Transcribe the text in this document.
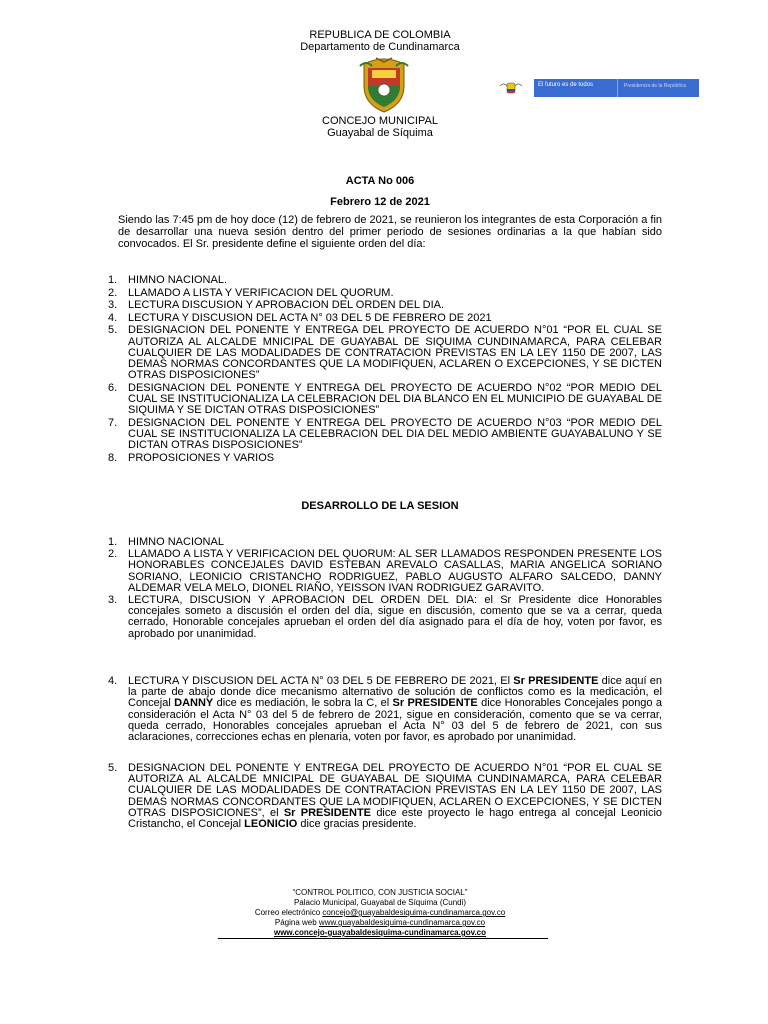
REPUBLICA DE COLOMBIA
Departamento de Cundinamarca
El futuro es de todos	Presidencia de la República
CONCEJO MUNICIPAL
Guayabal de Síquima
ACTA No 006
Febrero 12 de 2021
Siendo las 7:45 pm de hoy doce (12) de febrero de 2021, se reunieron los integrantes de esta Corporación a fin de desarrollar una nueva sesión dentro del primer periodo de sesiones ordinarias a la que habían sido convocados. El Sr. presidente define el siguiente orden del día:
1. HIMNO NACIONAL.
2. LLAMADO A LISTA Y VERIFICACION DEL QUORUM.
3. LECTURA DISCUSION Y APROBACION DEL ORDEN DEL DIA.
4. LECTURA Y DISCUSION DEL ACTA N° 03 DEL 5 DE FEBRERO DE 2021
5. DESIGNACION DEL PONENTE Y ENTREGA DEL PROYECTO DE ACUERDO N°01 “POR EL CUAL SE AUTORIZA AL ALCALDE MNICIPAL DE GUAYABAL DE SIQUIMA CUNDINAMARCA, PARA CELEBAR CUALQUIER DE LAS MODALIDADES DE CONTRATACION PREVISTAS EN LA LEY 1150 DE 2007, LAS DEMAS NORMAS CONCORDANTES QUE LA MODIFIQUEN, ACLAREN O EXCEPCIONES, Y SE DICTEN OTRAS DISPOSICIONES”
6. DESIGNACION DEL PONENTE Y ENTREGA DEL PROYECTO DE ACUERDO N°02 “POR MEDIO DEL CUAL SE INSTITUCIONALIZA LA CELEBRACION DEL DIA BLANCO EN EL MUNICIPIO DE GUAYABAL DE SIQUIMA Y SE DICTAN OTRAS DISPOSICIONES”
7. DESIGNACION DEL PONENTE Y ENTREGA DEL PROYECTO DE ACUERDO N°03 “POR MEDIO DEL CUAL SE INSTITUCIONALIZA LA CELEBRACION DEL DIA DEL MEDIO AMBIENTE GUAYABALUNO Y SE DICTAN OTRAS DISPOSICIONES”
8. PROPOSICIONES Y VARIOS
DESARROLLO DE LA SESION
1. HIMNO NACIONAL
2. LLAMADO A LISTA Y VERIFICACION DEL QUORUM: AL SER LLAMADOS RESPONDEN PRESENTE LOS HONORABLES CONCEJALES DAVID ESTEBAN AREVALO CASALLAS, MARIA ANGELICA SORIANO SORIANO, LEONICIO CRISTANCHO RODRIGUEZ, PABLO AUGUSTO ALFARO SALCEDO, DANNY ALDEMAR VELA MELO, DIONEL RIAÑO, YEISSON IVAN RODRIGUEZ GARAVITO.
3. LECTURA, DISCUSION Y APROBACION DEL ORDEN DEL DIA: el Sr Presidente dice Honorables concejales someto a discusión el orden del día, sigue en discusión, comento que se va a cerrar, queda cerrado, Honorable concejales aprueban el orden del día asignado para el día de hoy, voten por favor, es aprobado por unanimidad.
4. LECTURA Y DISCUSION DEL ACTA N° 03 DEL 5 DE FEBRERO DE 2021, El Sr PRESIDENTE dice aquí en la parte de abajo donde dice mecanismo alternativo de solución de conflictos como es la medicación, el Concejal DANNY dice es mediación, le sobra la C, el Sr PRESIDENTE dice Honorables Concejales pongo a consideración el Acta N° 03 del 5 de febrero de 2021, sigue en consideración, comento que se va cerrar, queda cerrado, Honorables concejales aprueban el Acta N° 03 del 5 de febrero de 2021, con sus aclaraciones, correcciones echas en plenaria, voten por favor, es aprobado por unanimidad.
5. DESIGNACION DEL PONENTE Y ENTREGA DEL PROYECTO DE ACUERDO N°01 “POR EL CUAL SE AUTORIZA AL ALCALDE MNICIPAL DE GUAYABAL DE SIQUIMA CUNDINAMARCA, PARA CELEBAR CUALQUIER DE LAS MODALIDADES DE CONTRATACION PREVISTAS EN LA LEY 1150 DE 2007, LAS DEMAS NORMAS CONCORDANTES QUE LA MODIFIQUEN, ACLAREN O EXCEPCIONES, Y SE DICTEN OTRAS DISPOSICIONES”, el Sr PRESIDENTE dice este proyecto le hago entrega al concejal Leonicio Cristancho, el Concejal LEONICIO dice gracias presidente.
“CONTROL POLITICO, CON JUSTICIA SOCIAL”
Palacio Municipal, Guayabal de Síquima (Cundi)
Correo electrónico concejo@guayabaldesiquima-cundinamarca.gov.co
Página web www.guayabaldesiquima-cundinamarca.gov.co
www.concejo-guayabaldesiquima-cundinamarca.gov.co
